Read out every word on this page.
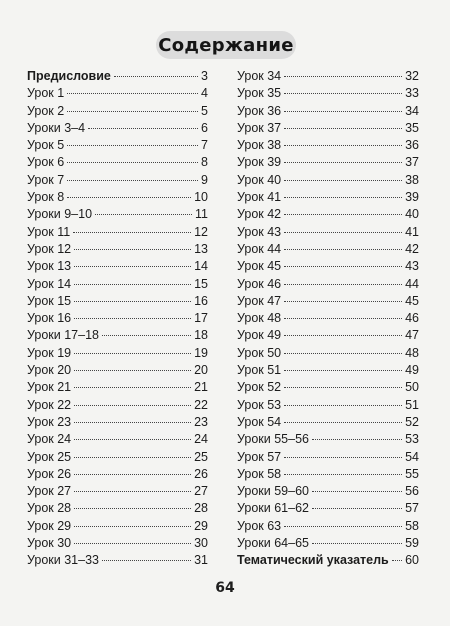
Содержание
Предисловие	3
Урок 1	4
Урок 2	5
Уроки 3–4	6
Урок 5	7
Урок 6	8
Урок 7	9
Урок 8	10
Уроки 9–10	11
Урок 11	12
Урок 12	13
Урок 13	14
Урок 14	15
Урок 15	16
Урок 16	17
Уроки 17–18	18
Урок 19	19
Урок 20	20
Урок 21	21
Урок 22	22
Урок 23	23
Урок 24	24
Урок 25	25
Урок 26	26
Урок 27	27
Урок 28	28
Урок 29	29
Урок 30	30
Уроки 31–33	31
Урок 34	32
Урок 35	33
Урок 36	34
Урок 37	35
Урок 38	36
Урок 39	37
Урок 40	38
Урок 41	39
Урок 42	40
Урок 43	41
Урок 44	42
Урок 45	43
Урок 46	44
Урок 47	45
Урок 48	46
Урок 49	47
Урок 50	48
Урок 51	49
Урок 52	50
Урок 53	51
Урок 54	52
Уроки 55–56	53
Урок 57	54
Урок 58	55
Уроки 59–60	56
Уроки 61–62	57
Урок 63	58
Уроки 64–65	59
Тематический указатель 60
64
